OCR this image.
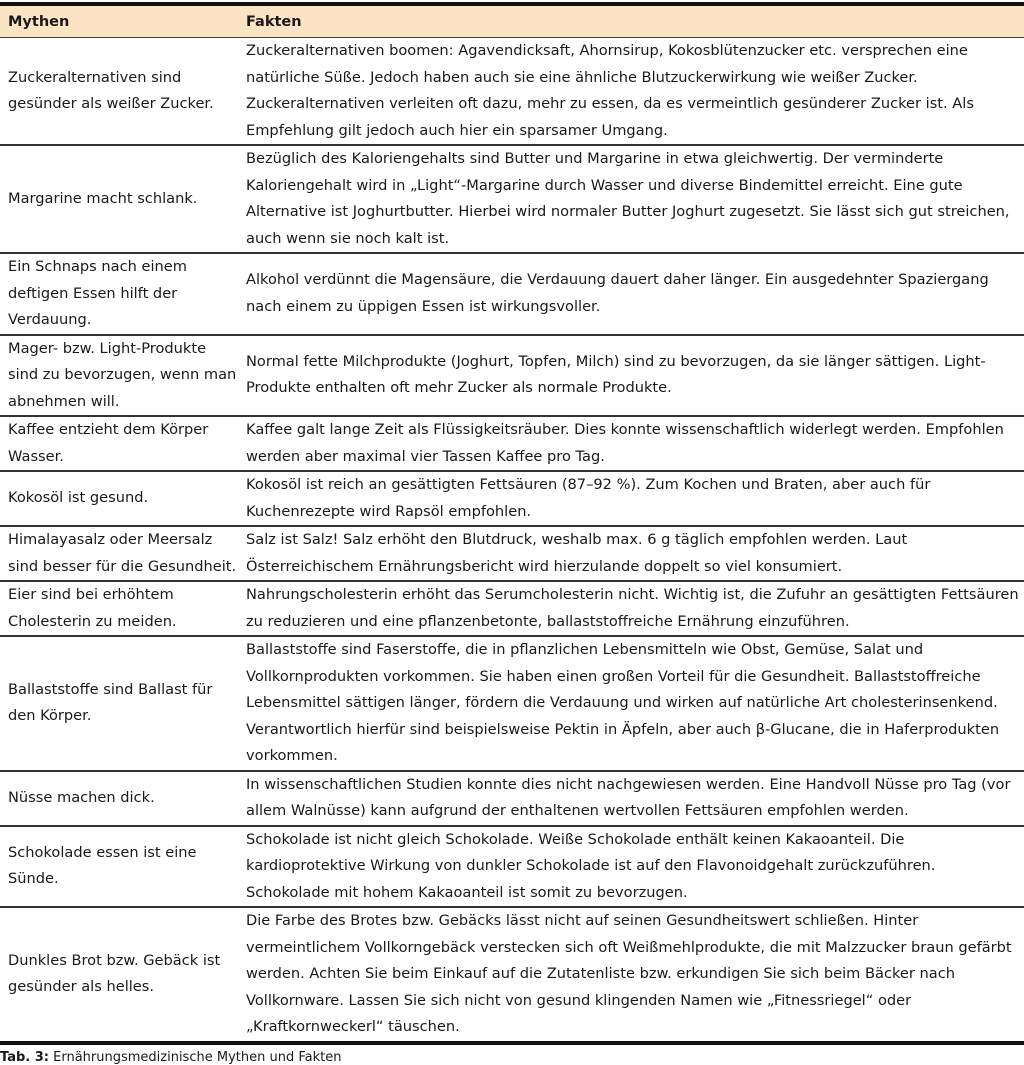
Mythen	Fakten
Zuckeralternativen sind gesünder als weißer Zucker.	Zuckeralternativen boomen: Agavendicksaft, Ahornsirup, Kokosblütenzucker etc. versprechen eine natürliche Süße. Jedoch haben auch sie eine ähnliche Blutzuckerwirkung wie weißer Zucker. Zuckeralternativen verleiten oft dazu, mehr zu essen, da es vermeintlich gesünderer Zucker ist. Als Empfehlung gilt jedoch auch hier ein sparsamer Umgang.
Margarine macht schlank.	Bezüglich des Kaloriengehalts sind Butter und Margarine in etwa gleichwertig. Der verminderte Kaloriengehalt wird in „Light“-Margarine durch Wasser und diverse Bindemittel erreicht. Eine gute Alternative ist Joghurtbutter. Hierbei wird normaler Butter Joghurt zugesetzt. Sie lässt sich gut streichen, auch wenn sie noch kalt ist.
Ein Schnaps nach einem deftigen Essen hilft der Verdauung.	Alkohol verdünnt die Magensäure, die Verdauung dauert daher länger. Ein ausgedehnter Spaziergang nach einem zu üppigen Essen ist wirkungsvoller.
Mager- bzw. Light-Produkte sind zu bevorzugen, wenn man abnehmen will.	Normal fette Milchprodukte (Joghurt, Topfen, Milch) sind zu bevorzugen, da sie länger sättigen. Light-Produkte enthalten oft mehr Zucker als normale Produkte.
Kaffee entzieht dem Körper Wasser.	Kaffee galt lange Zeit als Flüssigkeitsräuber. Dies konnte wissenschaftlich widerlegt werden. Empfohlen werden aber maximal vier Tassen Kaffee pro Tag.
Kokosöl ist gesund.	Kokosöl ist reich an gesättigten Fettsäuren (87–92 %). Zum Kochen und Braten, aber auch für Kuchenrezepte wird Rapsöl empfohlen.
Himalayasalz oder Meersalz sind besser für die Gesundheit.	Salz ist Salz! Salz erhöht den Blutdruck, weshalb max. 6 g täglich empfohlen werden. Laut Österreichischem Ernährungsbericht wird hierzulande doppelt so viel konsumiert.
Eier sind bei erhöhtem Cholesterin zu meiden.	Nahrungscholesterin erhöht das Serumcholesterin nicht. Wichtig ist, die Zufuhr an gesättigten Fettsäuren zu reduzieren und eine pflanzenbetonte, ballaststoffreiche Ernährung einzuführen.
Ballaststoffe sind Ballast für den Körper.	Ballaststoffe sind Faserstoffe, die in pflanzlichen Lebensmitteln wie Obst, Gemüse, Salat und Vollkornprodukten vorkommen. Sie haben einen großen Vorteil für die Gesundheit. Ballaststoffreiche Lebensmittel sättigen länger, fördern die Verdauung und wirken auf natürliche Art cholesterinsenkend. Verantwortlich hierfür sind beispielsweise Pektin in Äpfeln, aber auch β-Glucane, die in Haferprodukten vorkommen.
Nüsse machen dick.	In wissenschaftlichen Studien konnte dies nicht nachgewiesen werden. Eine Handvoll Nüsse pro Tag (vor allem Walnüsse) kann aufgrund der enthaltenen wertvollen Fettsäuren empfohlen werden.
Schokolade essen ist eine Sünde.	Schokolade ist nicht gleich Schokolade. Weiße Schokolade enthält keinen Kakaoanteil. Die kardioprotektive Wirkung von dunkler Schokolade ist auf den Flavonoidgehalt zurückzuführen. Schokolade mit hohem Kakaoanteil ist somit zu bevorzugen.
Dunkles Brot bzw. Gebäck ist gesünder als helles.	Die Farbe des Brotes bzw. Gebäcks lässt nicht auf seinen Gesundheitswert schließen. Hinter vermeintlichem Vollkorngebäck verstecken sich oft Weißmehlprodukte, die mit Malzzucker braun gefärbt werden. Achten Sie beim Einkauf auf die Zutatenliste bzw. erkundigen Sie sich beim Bäcker nach Vollkornware. Lassen Sie sich nicht von gesund klingenden Namen wie „Fitnessriegel“ oder „Kraftkornweckerl“ täuschen.
Tab. 3: Ernährungsmedizinische Mythen und Fakten
